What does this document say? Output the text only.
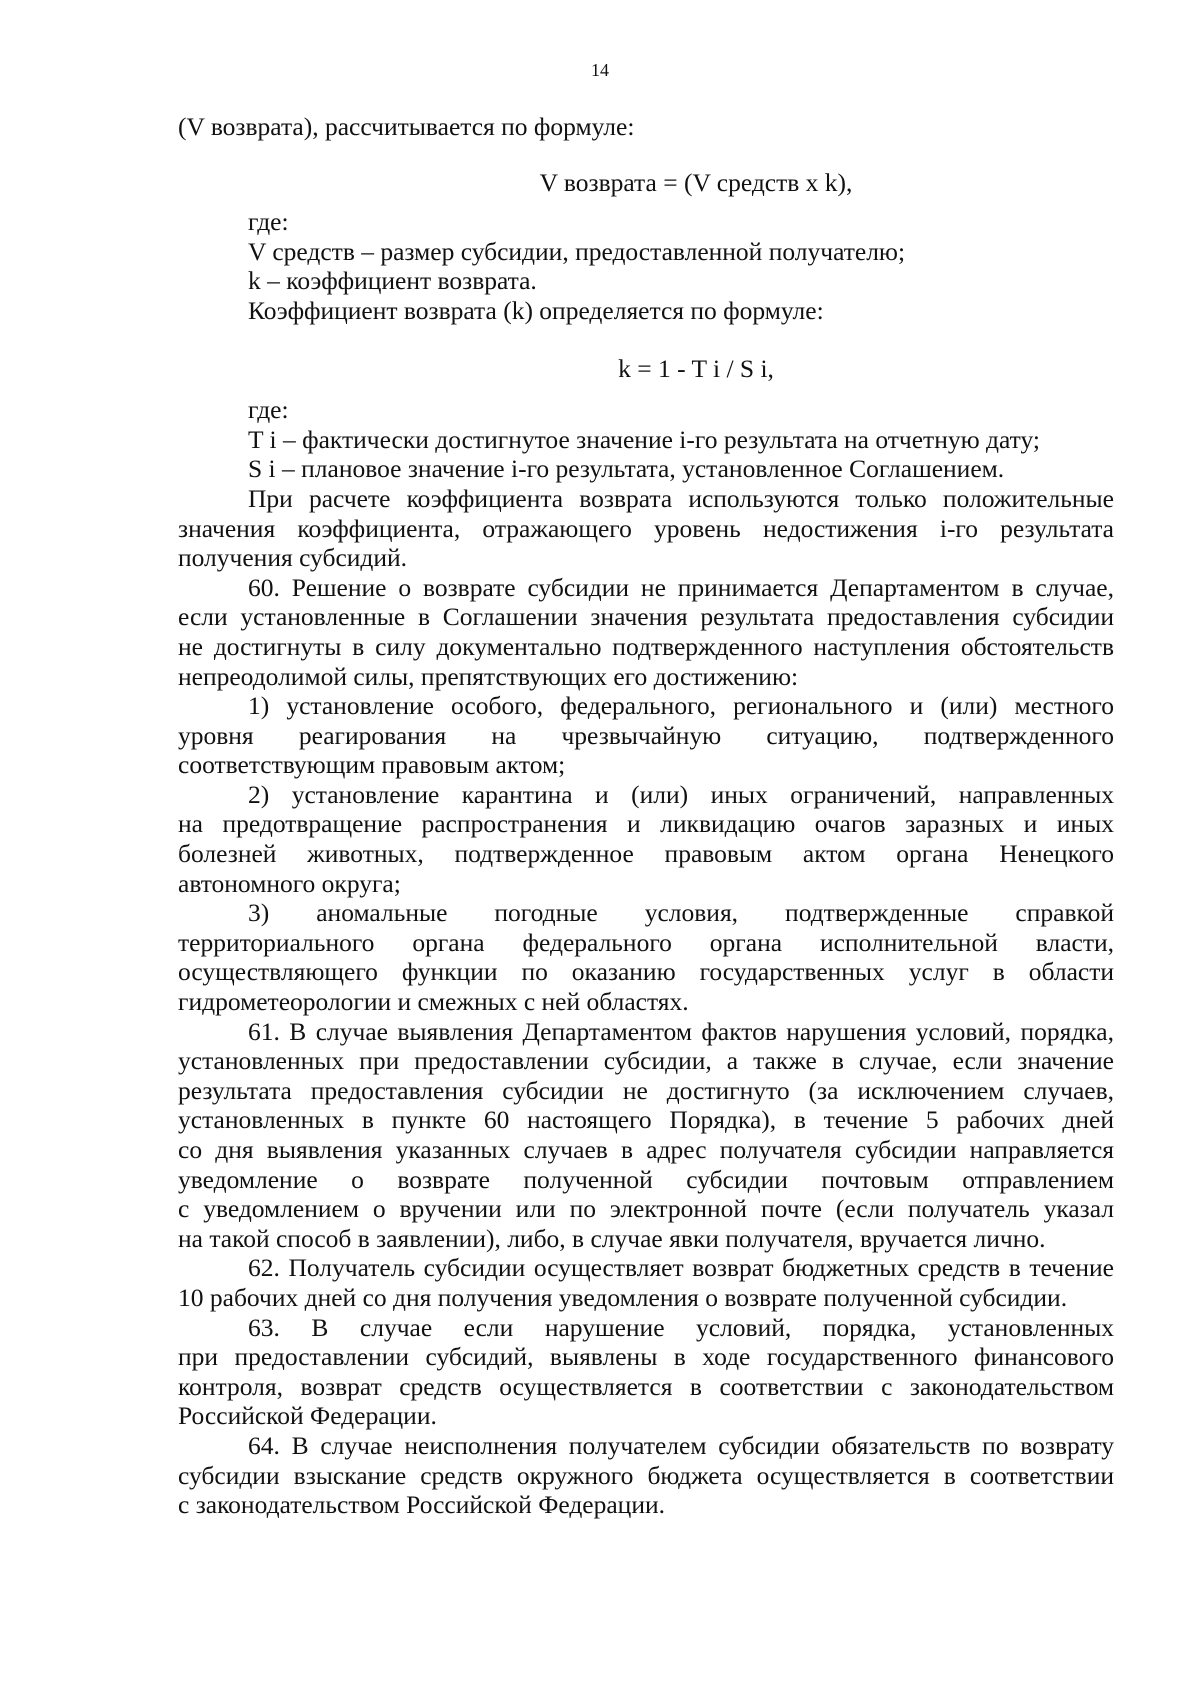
14
(V возврата), рассчитывается по формуле:
V возврата = (V средств x k),
где:
V средств – размер субсидии, предоставленной получателю;
k – коэффициент возврата.
Коэффициент возврата (k) определяется по формуле:
k = 1 - T i / S i,
где:
T i – фактически достигнутое значение i-го результата на отчетную дату;
S i – плановое значение i-го результата, установленное Соглашением.
При расчете коэффициента возврата используются только положительные
значения коэффициента, отражающего уровень недостижения i-го результата
получения субсидий.
60. Решение о возврате субсидии не принимается Департаментом в случае,
если установленные в Соглашении значения результата предоставления субсидии
не достигнуты в силу документально подтвержденного наступления обстоятельств
непреодолимой силы, препятствующих его достижению:
1) установление особого, федерального, регионального и (или) местного
уровня реагирования на чрезвычайную ситуацию, подтвержденного
соответствующим правовым актом;
2) установление карантина и (или) иных ограничений, направленных
на предотвращение распространения и ликвидацию очагов заразных и иных
болезней животных, подтвержденное правовым актом органа Ненецкого
автономного округа;
3) аномальные погодные условия, подтвержденные справкой
территориального органа федерального органа исполнительной власти,
осуществляющего функции по оказанию государственных услуг в области
гидрометеорологии и смежных с ней областях.
61. В случае выявления Департаментом фактов нарушения условий, порядка,
установленных при предоставлении субсидии, а также в случае, если значение
результата предоставления субсидии не достигнуто (за исключением случаев,
установленных в пункте 60 настоящего Порядка), в течение 5 рабочих дней
со дня выявления указанных случаев в адрес получателя субсидии направляется
уведомление о возврате полученной субсидии почтовым отправлением
с уведомлением о вручении или по электронной почте (если получатель указал
на такой способ в заявлении), либо, в случае явки получателя, вручается лично.
62. Получатель субсидии осуществляет возврат бюджетных средств в течение
10 рабочих дней со дня получения уведомления о возврате полученной субсидии.
63. В случае если нарушение условий, порядка, установленных
при предоставлении субсидий, выявлены в ходе государственного финансового
контроля, возврат средств осуществляется в соответствии с законодательством
Российской Федерации.
64. В случае неисполнения получателем субсидии обязательств по возврату
субсидии взыскание средств окружного бюджета осуществляется в соответствии
с законодательством Российской Федерации.
